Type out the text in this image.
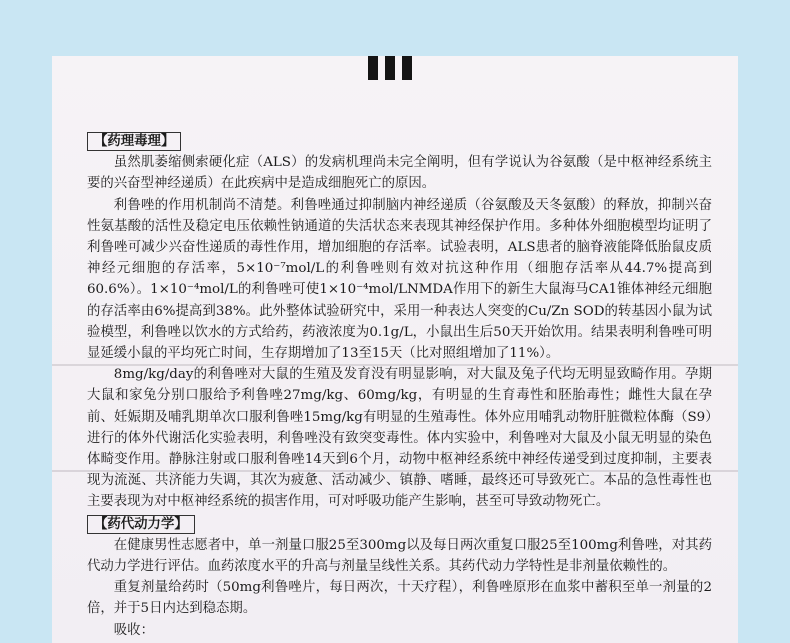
【药理毒理】

虽然肌萎缩侧索硬化症（ALS）的发病机理尚未完全阐明，但有学说认为谷氨酸（是中枢神经系统主要的兴奋型神经递质）在此疾病中是造成细胞死亡的原因。

利鲁唑的作用机制尚不清楚。利鲁唑通过抑制脑内神经递质（谷氨酸及天冬氨酸）的释放，抑制兴奋性氨基酸的活性及稳定电压依赖性钠通道的失活状态来表现其神经保护作用。多种体外细胞模型均证明了利鲁唑可减少兴奋性递质的毒性作用，增加细胞的存活率。试验表明，ALS患者的脑脊液能降低胎鼠皮质神经元细胞的存活率，5×10⁻⁷mol/L的利鲁唑则有效对抗这种作用（细胞存活率从44.7%提高到60.6%）。1×10⁻⁴mol/L的利鲁唑可使1×10⁻⁴mol/LNMDA作用下的新生大鼠海马CA1锥体神经元细胞的存活率由6%提高到38%。此外整体试验研究中，采用一种表达人突变的Cu/Zn SOD的转基因小鼠为试验模型，利鲁唑以饮水的方式给药，药液浓度为0.1g/L，小鼠出生后50天开始饮用。结果表明利鲁唑可明显延缓小鼠的平均死亡时间，生存期增加了13至15天（比对照组增加了11%）。

8mg/kg/day的利鲁唑对大鼠的生殖及发育没有明显影响，对大鼠及兔子代均无明显致畸作用。孕期大鼠和家兔分别口服给予利鲁唑27mg/kg、60mg/kg，有明显的生育毒性和胚胎毒性；雌性大鼠在孕前、妊娠期及哺乳期单次口服利鲁唑15mg/kg有明显的生殖毒性。体外应用哺乳动物肝脏微粒体酶（S9）进行的体外代谢活化实验表明，利鲁唑没有致突变毒性。体内实验中，利鲁唑对大鼠及小鼠无明显的染色体畸变作用。静脉注射或口服利鲁唑14天到6个月，动物中枢神经系统中神经传递受到过度抑制，主要表现为流涎、共济能力失调，其次为疲惫、活动减少、镇静、嗜睡，最终还可导致死亡。本品的急性毒性也主要表现为对中枢神经系统的损害作用，可对呼吸功能产生影响，甚至可导致动物死亡。

【药代动力学】

在健康男性志愿者中，单一剂量口服25至300mg以及每日两次重复口服25至100mg利鲁唑，对其药代动力学进行评估。血药浓度水平的升高与剂量呈线性关系。其药代动力学特性是非剂量依赖性的。

重复剂量给药时（50mg利鲁唑片，每日两次，十天疗程），利鲁唑原形在血浆中蓄积至单一剂量的2倍，并于5日内达到稳态期。

吸收：
